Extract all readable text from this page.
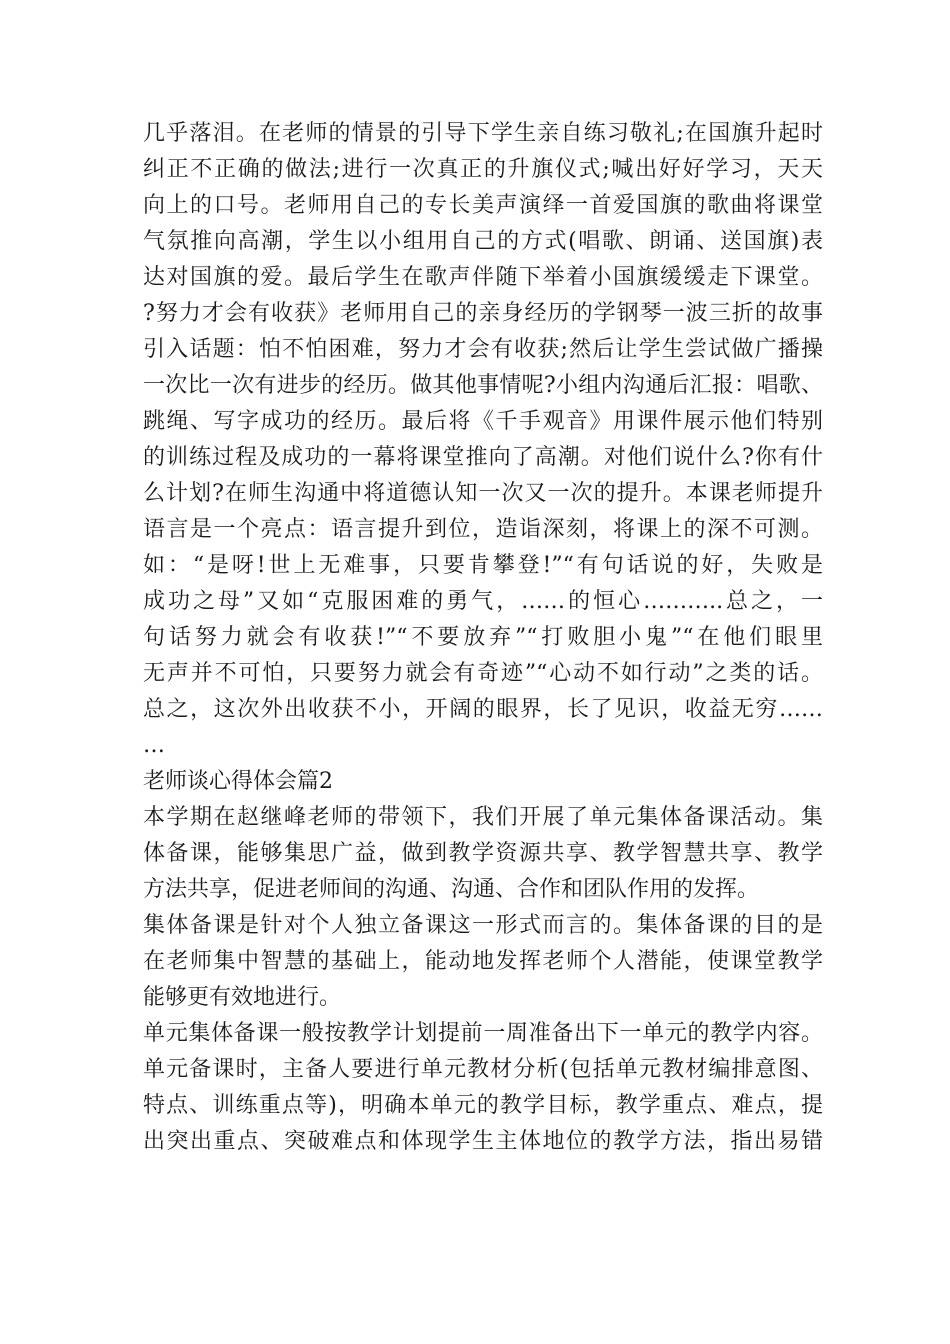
几乎落泪。在老师的情景的引导下学生亲自练习敬礼;在国旗升起时
纠正不正确的做法;进行一次真正的升旗仪式;喊出好好学习，天天
向上的口号。老师用自己的专长美声演绎一首爱国旗的歌曲将课堂
气氛推向高潮，学生以小组用自己的方式(唱歌、朗诵、送国旗)表
达对国旗的爱。最后学生在歌声伴随下举着小国旗缓缓走下课堂。
?努力才会有收获》老师用自己的亲身经历的学钢琴一波三折的故事
引入话题：怕不怕困难，努力才会有收获;然后让学生尝试做广播操
一次比一次有进步的经历。做其他事情呢?小组内沟通后汇报：唱歌、
跳绳、写字成功的经历。最后将《千手观音》用课件展示他们特别
的训练过程及成功的一幕将课堂推向了高潮。对他们说什么?你有什
么计划?在师生沟通中将道德认知一次又一次的提升。本课老师提升
语言是一个亮点：语言提升到位，造诣深刻，将课上的深不可测。
如：“是呀!世上无难事，只要肯攀登!”“有句话说的好，失败是
成功之母”又如“克服困难的勇气，……的恒心………..总之，一
句话努力就会有收获!”“不要放弃”“打败胆小鬼”“在他们眼里
无声并不可怕，只要努力就会有奇迹”“心动不如行动”之类的话。
总之，这次外出收获不小，开阔的眼界，长了见识，收益无穷……
…
老师谈心得体会篇2
本学期在赵继峰老师的带领下，我们开展了单元集体备课活动。集
体备课，能够集思广益，做到教学资源共享、教学智慧共享、教学
方法共享，促进老师间的沟通、沟通、合作和团队作用的发挥。
集体备课是针对个人独立备课这一形式而言的。集体备课的目的是
在老师集中智慧的基础上，能动地发挥老师个人潜能，使课堂教学
能够更有效地进行。
单元集体备课一般按教学计划提前一周准备出下一单元的教学内容。
单元备课时，主备人要进行单元教材分析(包括单元教材编排意图、
特点、训练重点等)，明确本单元的教学目标，教学重点、难点，提
出突出重点、突破难点和体现学生主体地位的教学方法，指出易错
